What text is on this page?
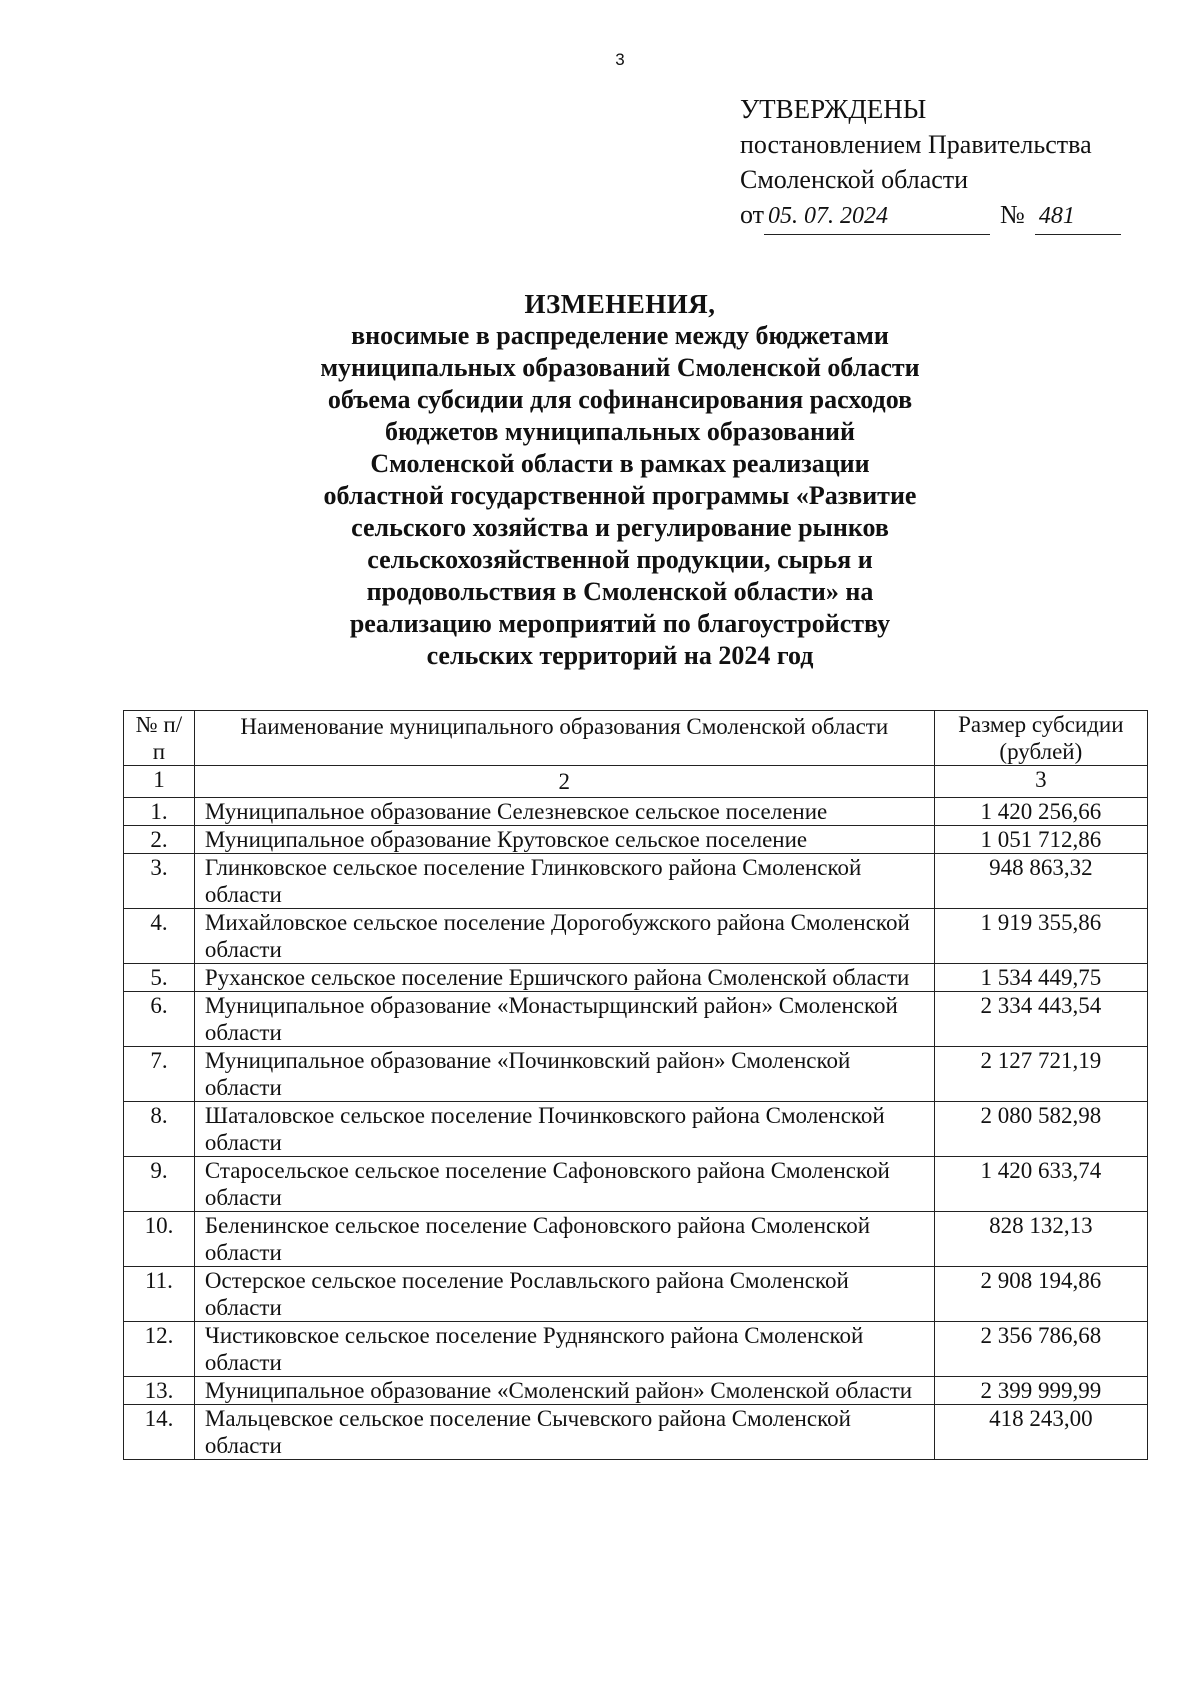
3
УТВЕРЖДЕНЫ
постановлением Правительства
Смоленской области
от 05. 07. 2024	№ 481
ИЗМЕНЕНИЯ,
вносимые в распределение между бюджетами
муниципальных образований Смоленской области
объема субсидии для софинансирования расходов
бюджетов муниципальных образований
Смоленской области в рамках реализации
областной государственной программы «Развитие
сельского хозяйства и регулирование рынков
сельскохозяйственной продукции, сырья и
продовольствия в Смоленской области» на
реализацию мероприятий по благоустройству
сельских территорий на 2024 год
№ п/п	Наименование муниципального образования Смоленской области	Размер субсидии (рублей)
1	2	3
1.	Муниципальное образование Селезневское сельское поселение	1 420 256,66
2.	Муниципальное образование Крутовское сельское поселение	1 051 712,86
3.	Глинковское сельское поселение Глинковского района Смоленской области	948 863,32
4.	Михайловское сельское поселение Дорогобужского района Смоленской области	1 919 355,86
5.	Руханское сельское поселение Ершичского района Смоленской области	1 534 449,75
6.	Муниципальное образование «Монастырщинский район» Смоленской области	2 334 443,54
7.	Муниципальное образование «Починковский район» Смоленской области	2 127 721,19
8.	Шаталовское сельское поселение Починковского района Смоленской области	2 080 582,98
9.	Старосельское сельское поселение Сафоновского района Смоленской области	1 420 633,74
10.	Беленинское сельское поселение Сафоновского района Смоленской области	828 132,13
11.	Остерское сельское поселение Рославльского района Смоленской области	2 908 194,86
12.	Чистиковское сельское поселение Руднянского района Смоленской области	2 356 786,68
13.	Муниципальное образование «Смоленский район» Смоленской области	2 399 999,99
14.	Мальцевское сельское поселение Сычевского района Смоленской области	418 243,00
